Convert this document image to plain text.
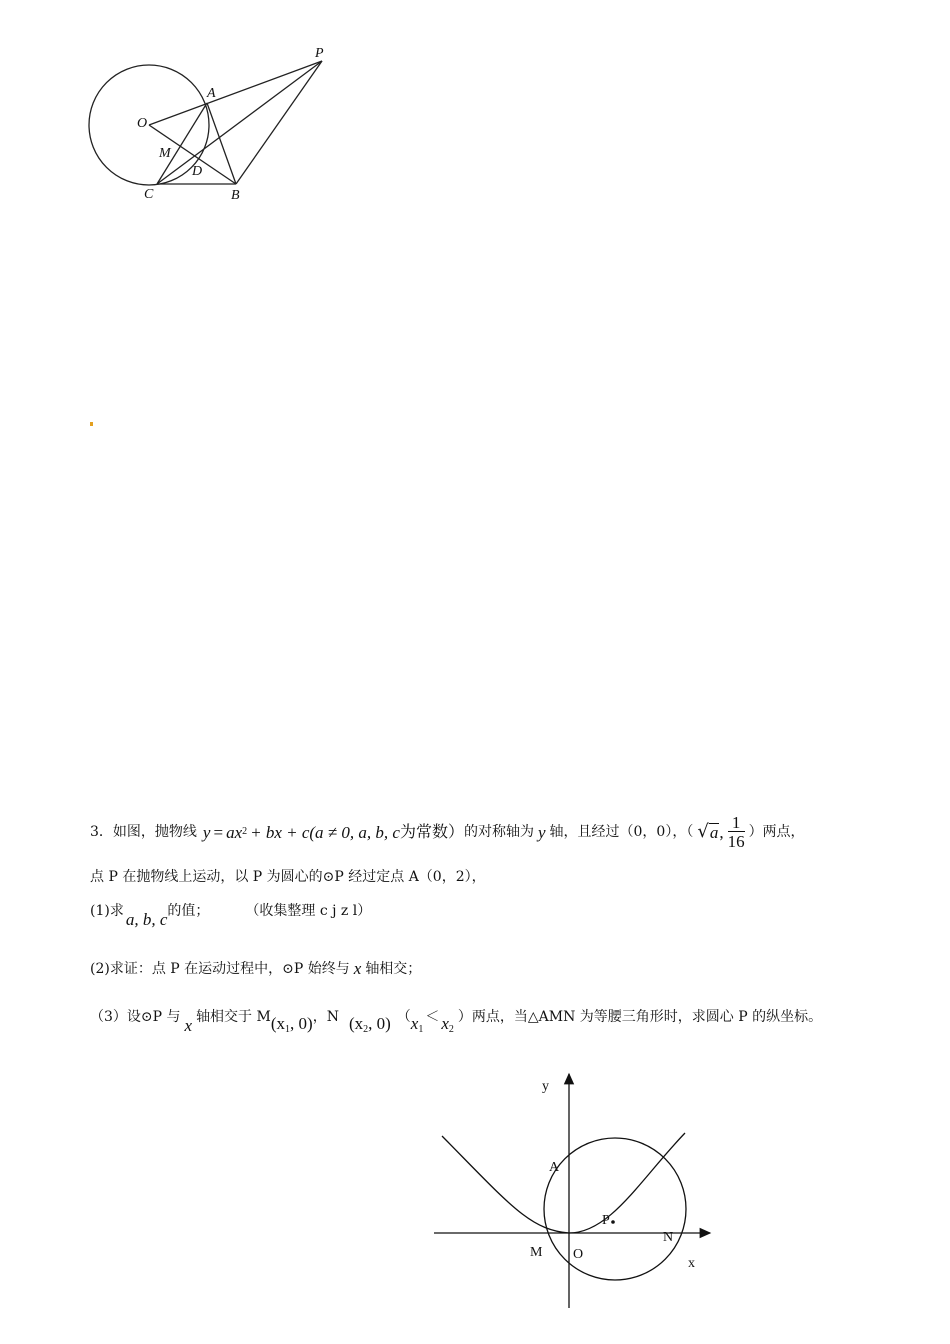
P
A
O
M
D
C	B
3．如图，抛物线 y = ax 2 + bx + c(a ≠ 0, a, b, c 为常数） 的对称轴为 y 轴，且经过（0，0），（ √ a , $\frac{1}{16}$ ）两点，
点 P 在抛物线上运动，以 P 为圆心的⊙P 经过定点 A（0，2），
(1)求 a, b, c 的值；	（收集整理 c j z l）
(2)求证：点 P 在运动过程中，⊙P 始终与 x 轴相交；
（3）设⊙P 与 x 轴相交于 M ($x_1$, 0) ，N ($x_2$, 0) （ $x_1$
＜ $x_2$
）两点，当△AMN 为等腰三角形时，求圆心 P 的纵坐标。
y
x
A
P
M O
N
